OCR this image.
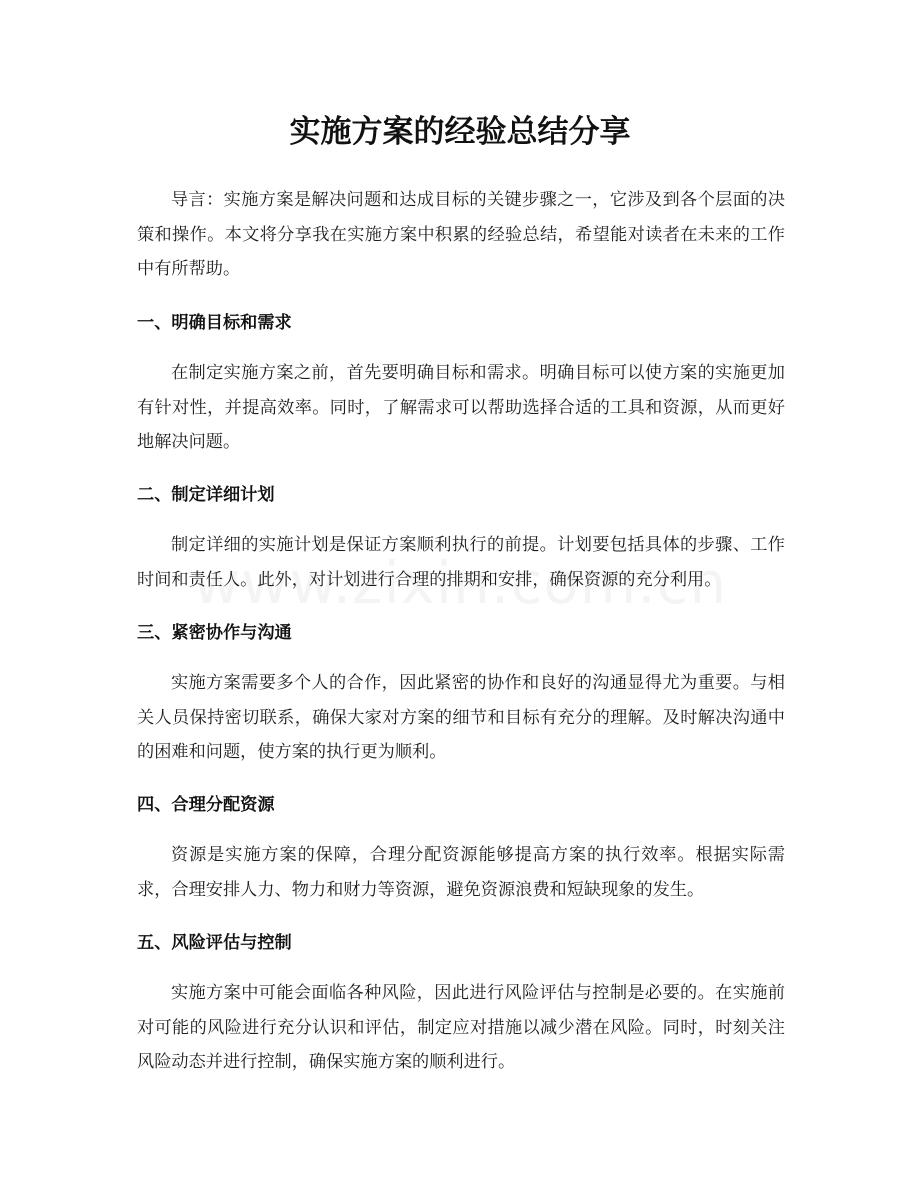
实施方案的经验总结分享

导言：实施方案是解决问题和达成目标的关键步骤之一，它涉及到各个层面的决策和操作。本文将分享我在实施方案中积累的经验总结，希望能对读者在未来的工作中有所帮助。

一、明确目标和需求

在制定实施方案之前，首先要明确目标和需求。明确目标可以使方案的实施更加有针对性，并提高效率。同时，了解需求可以帮助选择合适的工具和资源，从而更好地解决问题。

二、制定详细计划

制定详细的实施计划是保证方案顺利执行的前提。计划要包括具体的步骤、工作时间和责任人。此外，对计划进行合理的排期和安排，确保资源的充分利用。

三、紧密协作与沟通

实施方案需要多个人的合作，因此紧密的协作和良好的沟通显得尤为重要。与相关人员保持密切联系，确保大家对方案的细节和目标有充分的理解。及时解决沟通中的困难和问题，使方案的执行更为顺利。

四、合理分配资源

资源是实施方案的保障，合理分配资源能够提高方案的执行效率。根据实际需求，合理安排人力、物力和财力等资源，避免资源浪费和短缺现象的发生。

五、风险评估与控制

实施方案中可能会面临各种风险，因此进行风险评估与控制是必要的。在实施前对可能的风险进行充分认识和评估，制定应对措施以减少潜在风险。同时，时刻关注风险动态并进行控制，确保实施方案的顺利进行。
